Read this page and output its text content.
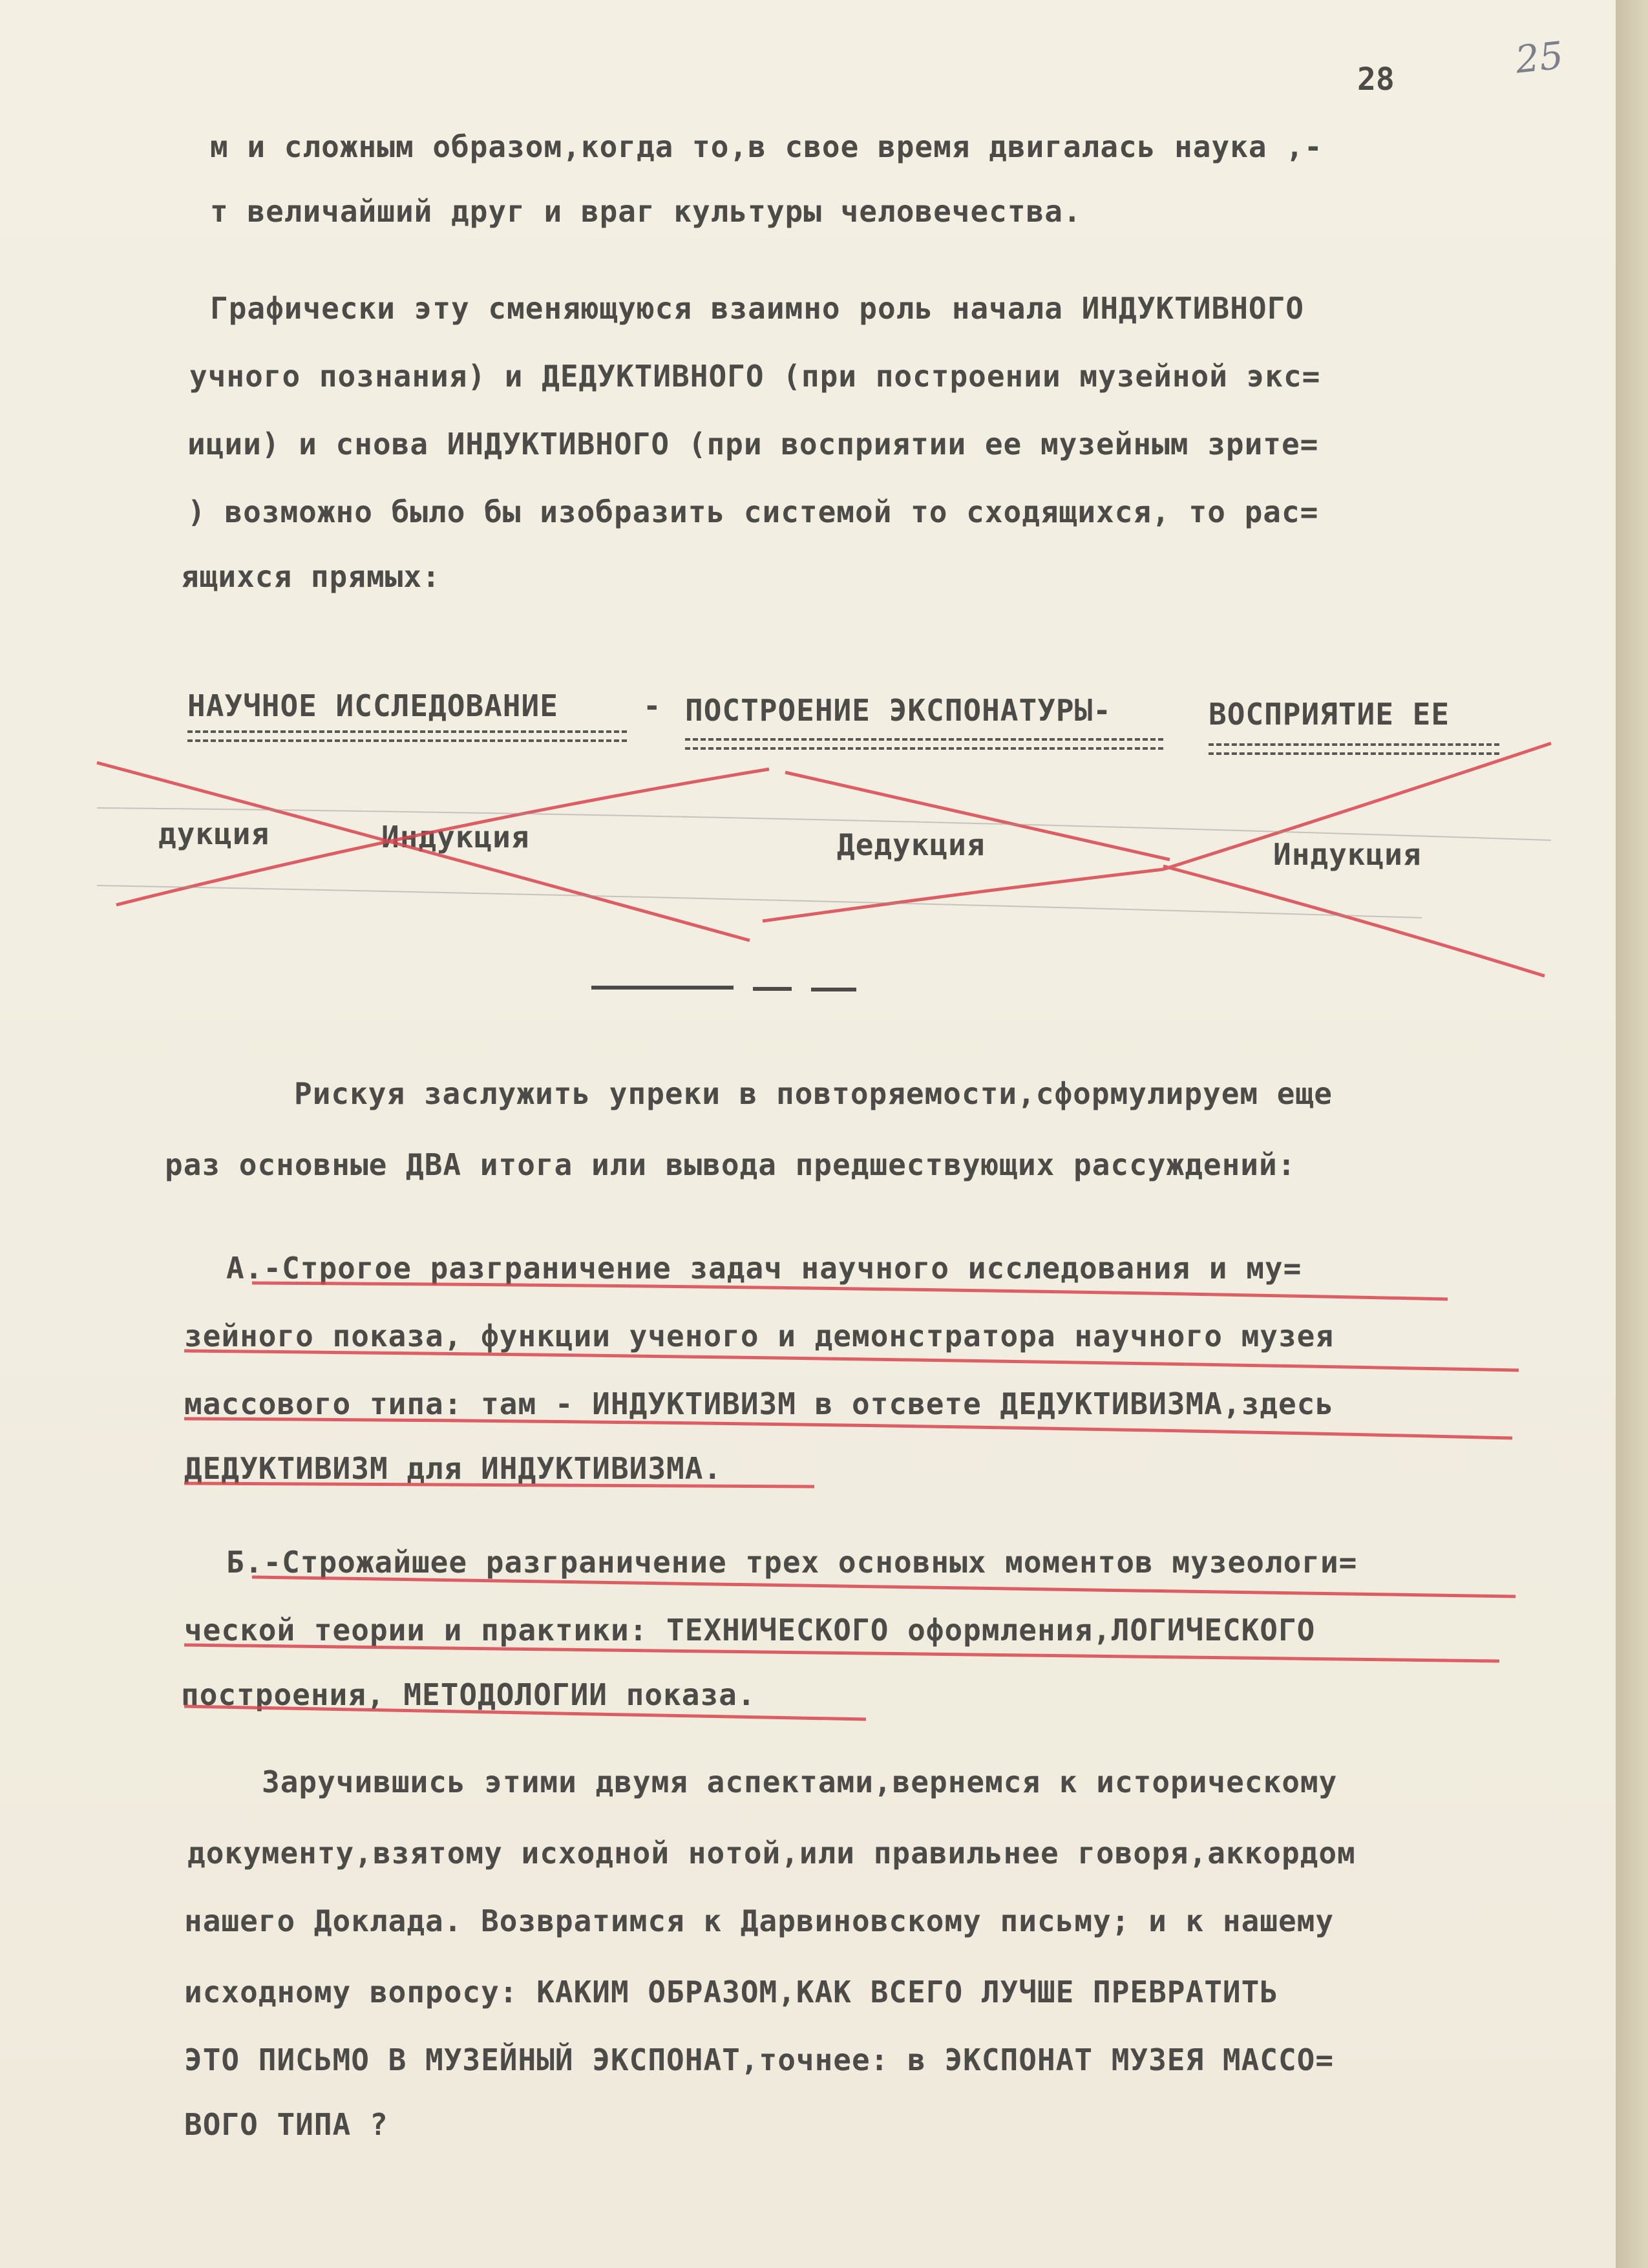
28	25
м и сложным образом,когда то,в свое время двигалась наука ,-
т величайший друг и враг культуры человечества.
Графически эту сменяющуюся взаимно роль начала ИНДУКТИВНОГО
учного познания) и ДЕДУКТИВНОГО (при построении музейной экс=
иции) и снова ИНДУКТИВНОГО (при восприятии ее музейным зрите=
) возможно было бы изобразить системой то сходящихся, то рас=
ящихся прямых:
НАУЧНОЕ ИССЛЕДОВАНИЕ	- ПОСТРОЕНИЕ ЭКСПОНАТУРЫ-	ВОСПРИЯТИЕ ЕЕ
дукция	Индукция	Дедукция	Индукция
Рискуя заслужить упреки в повторяемости,сформулируем еще
раз основные ДВА итога или вывода предшествующих рассуждений:
А.-Строгое разграничение задач научного исследования и му=
зейного показа, функции ученого и демонстратора научного музея
массового типа: там - ИНДУКТИВИЗМ в отсвете ДЕДУКТИВИЗМА,здесь
ДЕДУКТИВИЗМ для ИНДУКТИВИЗМА.
Б.-Строжайшее разграничение трех основных моментов музеологи=
ческой теории и практики: ТЕХНИЧЕСКОГО оформления,ЛОГИЧЕСКОГО
построения, МЕТОДОЛОГИИ показа.
Заручившись этими двумя аспектами,вернемся к историческому
документу,взятому исходной нотой,или правильнее говоря,аккордом
нашего Доклада. Возвратимся к Дарвиновскому письму; и к нашему
исходному вопросу: КАКИМ ОБРАЗОМ,КАК ВСЕГО ЛУЧШЕ ПРЕВРАТИТЬ
ЭТО ПИСЬМО В МУЗЕЙНЫЙ ЭКСПОНАТ,точнее: в ЭКСПОНАТ МУЗЕЯ МАССО=
ВОГО ТИПА ?
